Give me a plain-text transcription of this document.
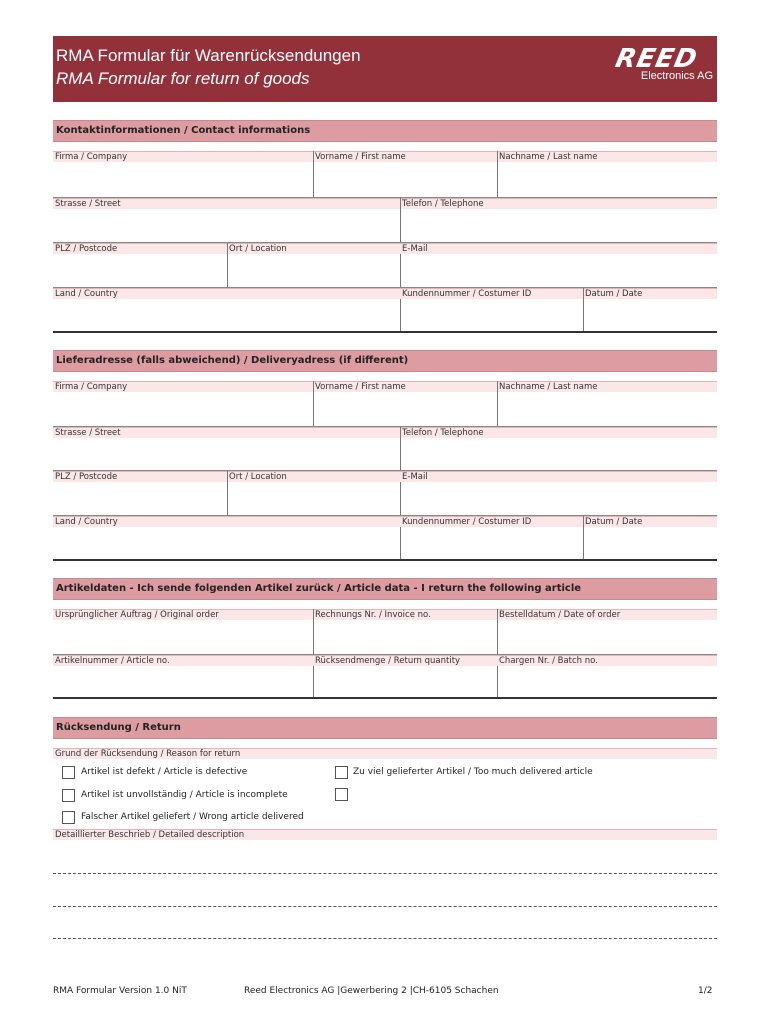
RMA Formular für Warenrücksendungen
RMA Formular for return of goods
REED
Electronics AG
Kontaktinformationen / Contact informations
Firma / Company	Vorname / First name	Nachname / Last name
Strasse / Street	Telefon / Telephone
PLZ / Postcode	Ort / Location	E-Mail
Land / Country	Kundennummer / Costumer ID	Datum / Date
Lieferadresse (falls abweichend) / Deliveryadress (if different)
Firma / Company	Vorname / First name	Nachname / Last name
Strasse / Street	Telefon / Telephone
PLZ / Postcode	Ort / Location	E-Mail
Land / Country	Kundennummer / Costumer ID	Datum / Date
Artikeldaten - Ich sende folgenden Artikel zurück / Article data - I return the following article
Ursprünglicher Auftrag / Original order	Rechnungs Nr. / Invoice no.	Bestelldatum / Date of order
Artikelnummer / Article no.	Rücksendmenge / Return quantity	Chargen Nr. / Batch no.
Rücksendung / Return
Grund der Rücksendung / Reason for return
Artikel ist defekt / Article is defective	Zu viel gelieferter Artikel / Too much delivered article
Artikel ist unvollständig / Article is incomplete
Falscher Artikel geliefert / Wrong article delivered
Detaillierter Beschrieb / Detailed description
RMA Formular Version 1.0 NiT	Reed Electronics AG |Gewerbering 2 |CH-6105 Schachen	1/2
